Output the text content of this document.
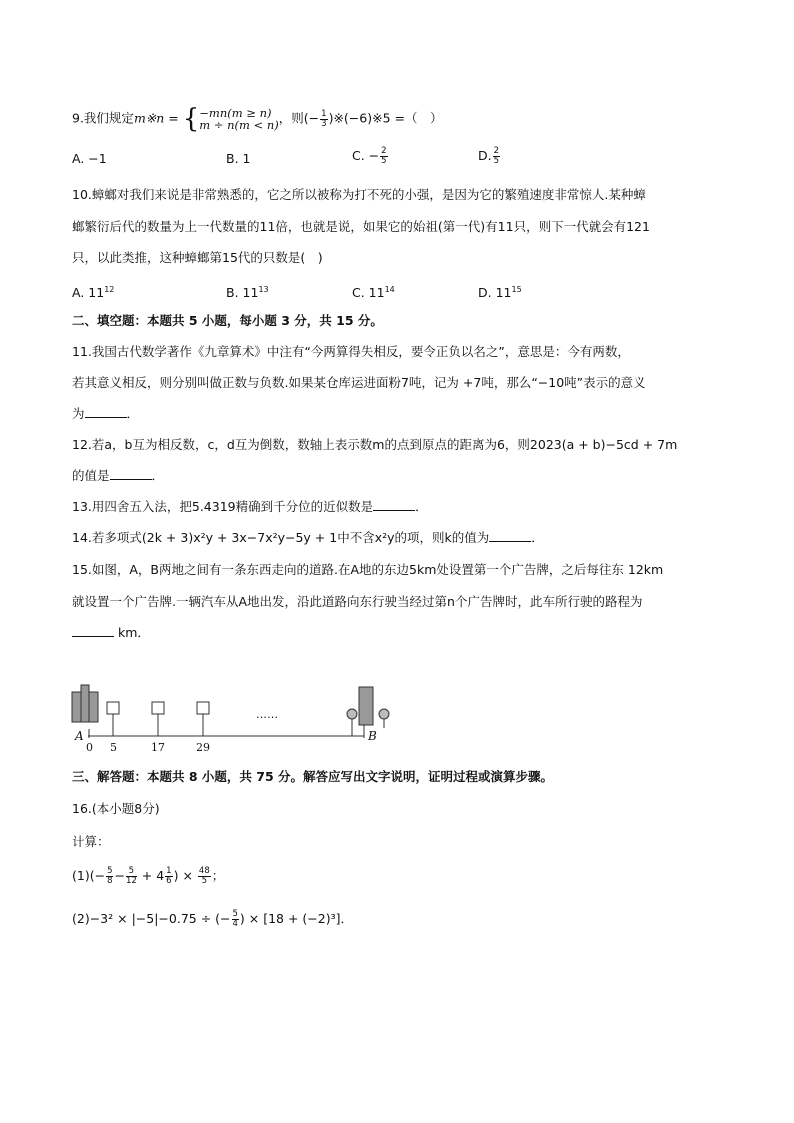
9.我们规定m※n = { −mn(m ≥ n)
m ÷ n(m < n) ，则(− $\frac{1}{3}$ )※(−6)※5 =（　）
A. −1	B. 1	C. − $\frac{2}{5}$	D. $\frac{2}{5}$
10.蟑螂对我们来说是非常熟悉的，它之所以被称为打不死的小强，是因为它的繁殖速度非常惊人.某种蟑
螂繁衍后代的数量为上一代数量的11倍，也就是说，如果它的始祖(第一代)有11只，则下一代就会有121
只，以此类推，这种蟑螂第15代的只数是(　)
A. $11^{12}$	B. $11^{13}$	C. $11^{14}$	D. $11^{15}$
二、填空题：本题共 5 小题，每小题 3 分，共 15 分。
11.我国古代数学著作《九章算术》中注有“今两算得失相反，要令正负以名之”，意思是：今有两数，
若其意义相反，则分别叫做正数与负数.如果某仓库运进面粉7吨，记为 +7吨，那么“−10吨”表示的意义
为	．
12.若a，b互为相反数，c，d互为倒数，数轴上表示数m的点到原点的距离为6，则2023(a + b)−5cd + 7m
的值是	．
13.用四舍五入法，把5.4319精确到千分位的近似数是	．
14.若多项式(2k + 3)x²y + 3x−7x²y−5y + 1中不含x²y的项，则k的值为	．
15.如图，A，B两地之间有一条东西走向的道路.在A地的东边5km处设置第一个广告牌，之后每往东 12km
就设置一个广告牌.一辆汽车从A地出发，沿此道路向东行驶当经过第n个广告牌时，此车所行驶的路程为
km．
A	B
0 5	17	29
……
三、解答题：本题共 8 小题，共 75 分。解答应写出文字说明，证明过程或演算步骤。
16.(本小题8分)
计算：
$(1)(- \frac{5}{8} - \frac{5}{12} + 4 \frac{1}{6}$ ) × $\frac{48}{5}$ ；
(2)−3² × |−5|−0.75 ÷ (− $\frac{5}{4}$ ) × [18 + (−2)³]．
